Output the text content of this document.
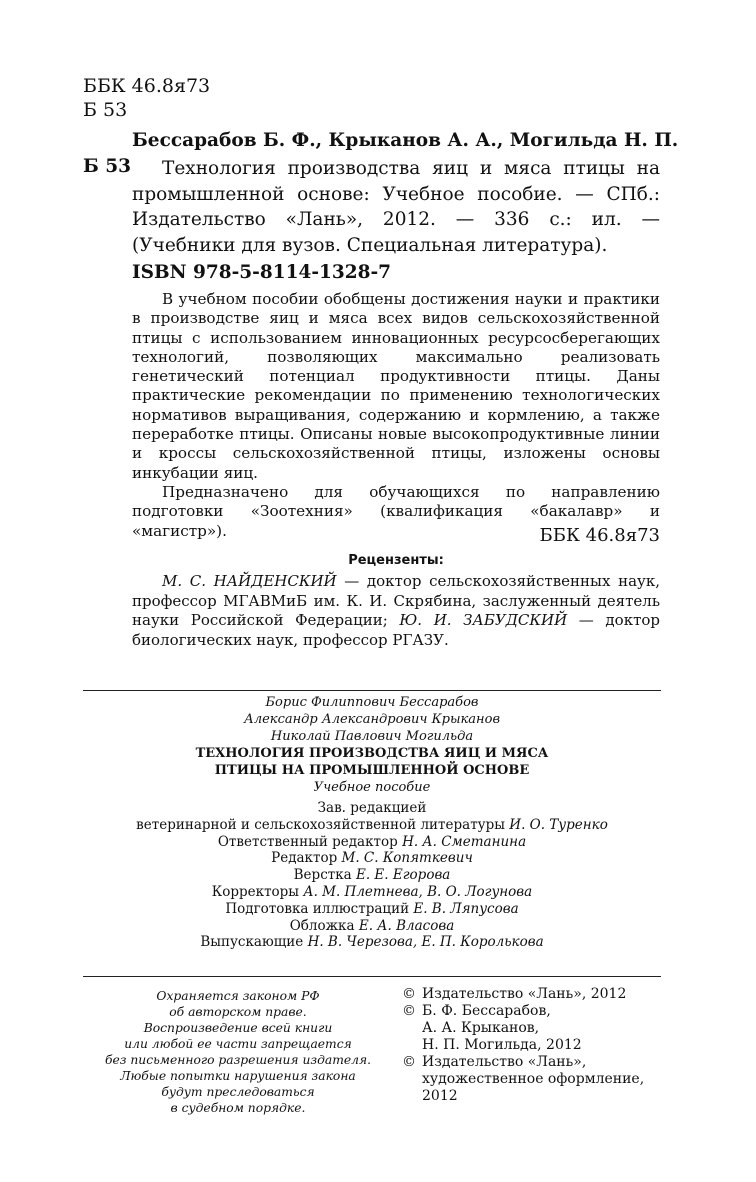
ББК 46.8я73
Б 53
Бессарабов Б. Ф., Крыканов А. А., Могильда Н. П.
Б 53	Технология производства яиц и мяса птицы на промышленной основе: Учебное пособие. — СПб.: Издательство «Лань», 2012. — 336 с.: ил. — (Учебники для вузов. Специальная литература).
ISBN 978-5-8114-1328-7

В учебном пособии обобщены достижения науки и практики в производстве яиц и мяса всех видов сельскохозяйственной птицы с использованием инновационных ресурсосберегающих технологий, позволяющих максимально реализовать генетический потенциал продуктивности птицы. Даны практические рекомендации по применению технологических нормативов выращивания, содержанию и кормлению, а также переработке птицы. Описаны новые высокопродуктивные линии и кроссы сельскохозяйственной птицы, изложены основы инкубации яиц.

Предназначено для обучающихся по направлению подготовки «Зоотехния» (квалификация «бакалавр» и «магистр»).	ББК 46.8я73
Рецензенты:

М. С. НАЙДЕНСКИЙ — доктор сельскохозяйственных наук, профессор МГАВМиБ им. К. И. Скрябина, заслуженный деятель науки Российской Федерации; Ю. И. ЗАБУДСКИЙ — доктор биологических наук, профессор РГАЗУ.

Борис Филиппович Бессарабов
Александр Александрович Крыканов
Николай Павлович Могильда
ТЕХНОЛОГИЯ ПРОИЗВОДСТВА ЯИЦ И МЯСА
ПТИЦЫ НА ПРОМЫШЛЕННОЙ ОСНОВЕ
Учебное пособие
Зав. редакцией
ветеринарной и сельскохозяйственной литературы И. О. Туренко
Ответственный редактор Н. А. Сметанина
Редактор М. С. Копяткевич
Верстка Е. Е. Егорова
Корректоры А. М. Плетнева, В. О. Логунова
Подготовка иллюстраций Е. В. Ляпусова
Обложка Е. А. Власова
Выпускающие Н. В. Черезова, Е. П. Королькова
Охраняется законом РФ
об авторском праве.
Воспроизведение всей книги
или любой ее части запрещается
без письменного разрешения издателя.
Любые попытки нарушения закона
будут преследоваться
в судебном порядке.
© Издательство «Лань», 2012
© Б. Ф. Бессарабов,
А. А. Крыканов,
Н. П. Могильда, 2012
© Издательство «Лань»,
художественное оформление,
2012
